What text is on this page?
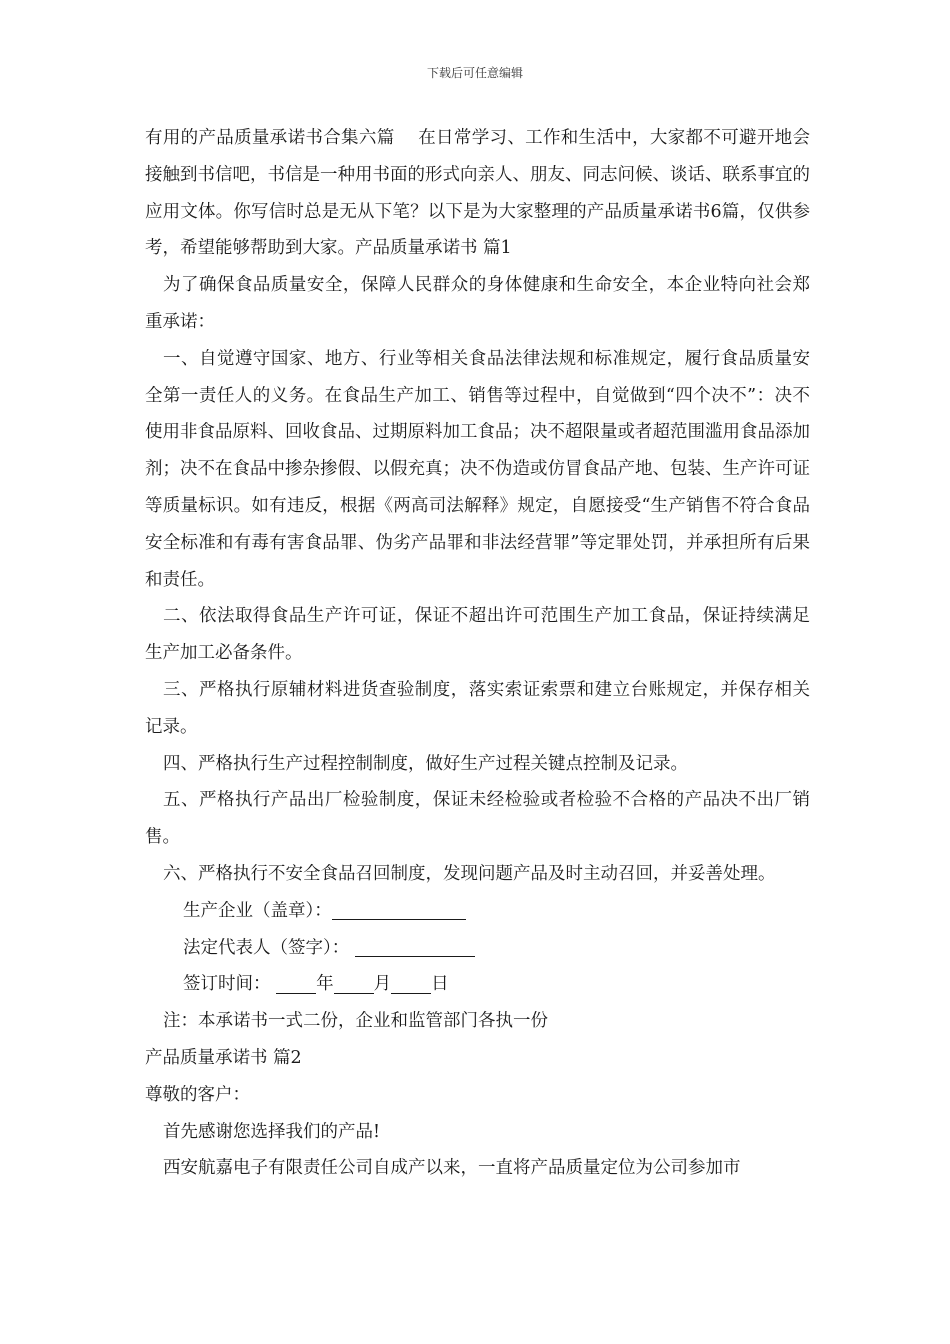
下载后可任意编辑

有用的产品质量承诺书合集六篇　 在日常学习、工作和生活中，大家都不可避开地会接触到书信吧，书信是一种用书面的形式向亲人、朋友、同志问候、谈话、联系事宜的应用文体。你写信时总是无从下笔？以下是为大家整理的产品质量承诺书6篇，仅供参考，希望能够帮助到大家。产品质量承诺书 篇1

为了确保食品质量安全，保障人民群众的身体健康和生命安全，本企业特向社会郑重承诺：

一、自觉遵守国家、地方、行业等相关食品法律法规和标准规定，履行食品质量安全第一责任人的义务。在食品生产加工、销售等过程中，自觉做到“四个决不”：决不使用非食品原料、回收食品、过期原料加工食品；决不超限量或者超范围滥用食品添加剂；决不在食品中掺杂掺假、以假充真；决不伪造或仿冒食品产地、包装、生产许可证等质量标识。如有违反，根据《两高司法解释》规定，自愿接受“生产销售不符合食品安全标准和有毒有害食品罪、伪劣产品罪和非法经营罪”等定罪处罚，并承担所有后果和责任。

二、依法取得食品生产许可证，保证不超出许可范围生产加工食品，保证持续满足生产加工必备条件。

三、严格执行原辅材料进货查验制度，落实索证索票和建立台账规定，并保存相关记录。

四、严格执行生产过程控制制度，做好生产过程关键点控制及记录。

五、严格执行产品出厂检验制度，保证未经检验或者检验不合格的产品决不出厂销售。

六、严格执行不安全食品召回制度，发现问题产品及时主动召回，并妥善处理。

生产企业（盖章）：

法定代表人（签字）：

签订时间：	年 月 日

注：本承诺书一式二份，企业和监管部门各执一份

产品质量承诺书 篇2

尊敬的客户：

首先感谢您选择我们的产品!

西安航嘉电子有限责任公司自成产以来，一直将产品质量定位为公司参加市
